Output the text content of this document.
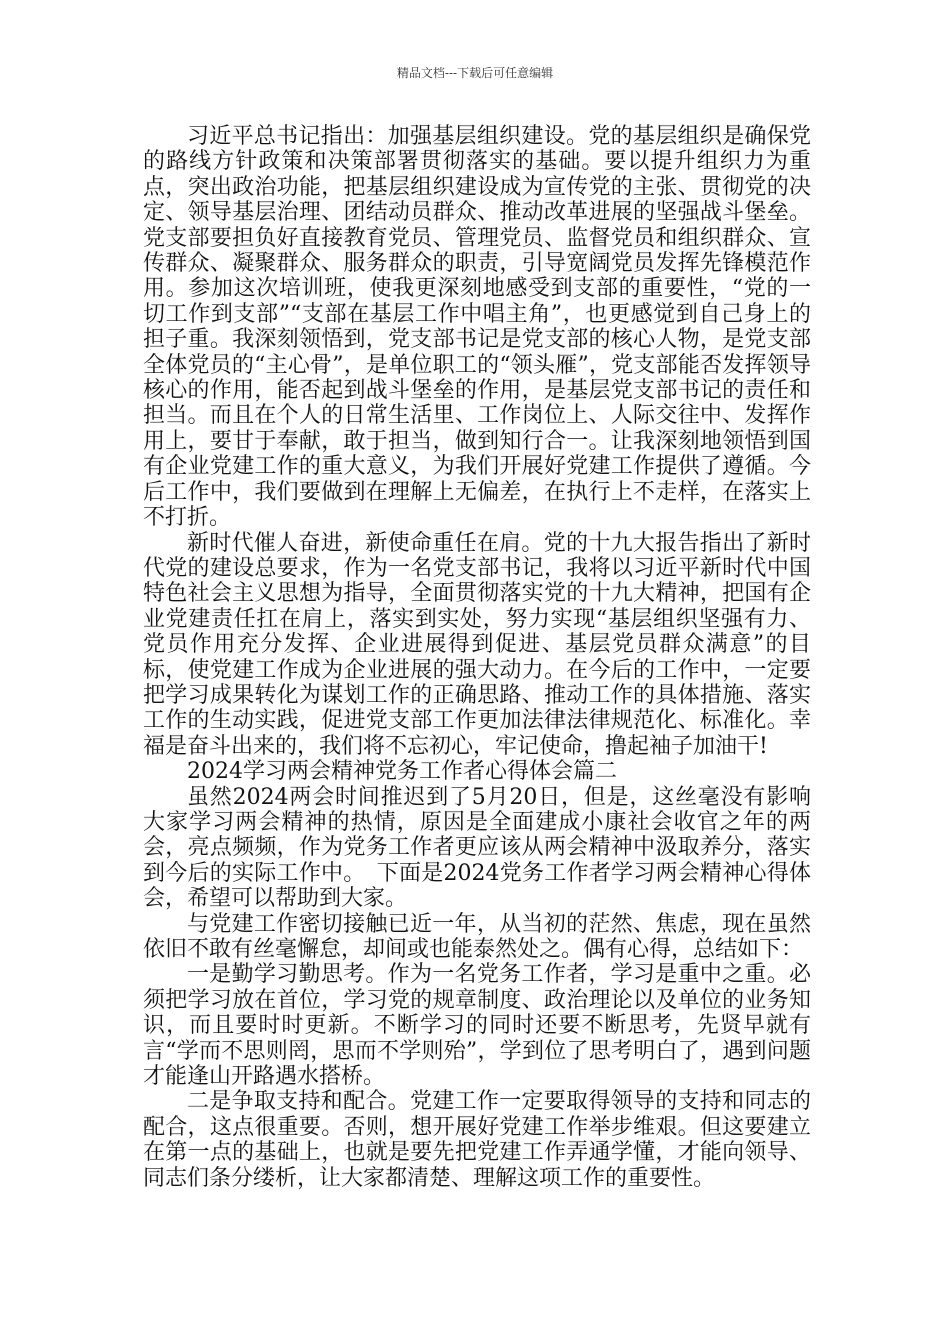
精品文档---下载后可任意编辑

习近平总书记指出：加强基层组织建设。党的基层组织是确保党的路线方针政策和决策部署贯彻落实的基础。要以提升组织力为重点，突出政治功能，把基层组织建设成为宣传党的主张、贯彻党的决定、领导基层治理、团结动员群众、推动改革进展的坚强战斗堡垒。党支部要担负好直接教育党员、管理党员、监督党员和组织群众、宣传群众、凝聚群众、服务群众的职责，引导宽阔党员发挥先锋模范作用。参加这次培训班，使我更深刻地感受到支部的重要性，“党的一切工作到支部”“支部在基层工作中唱主角”，也更感觉到自己身上的担子重。我深刻领悟到，党支部书记是党支部的核心人物，是党支部全体党员的“主心骨”，是单位职工的“领头雁”，党支部能否发挥领导核心的作用，能否起到战斗堡垒的作用，是基层党支部书记的责任和担当。而且在个人的日常生活里、工作岗位上、人际交往中、发挥作用上，要甘于奉献，敢于担当，做到知行合一。让我深刻地领悟到国有企业党建工作的重大意义，为我们开展好党建工作提供了遵循。今后工作中，我们要做到在理解上无偏差，在执行上不走样，在落实上不打折。

新时代催人奋进，新使命重任在肩。党的十九大报告指出了新时代党的建设总要求，作为一名党支部书记，我将以习近平新时代中国特色社会主义思想为指导，全面贯彻落实党的十九大精神，把国有企业党建责任扛在肩上，落实到实处，努力实现“基层组织坚强有力、党员作用充分发挥、企业进展得到促进、基层党员群众满意”的目标，使党建工作成为企业进展的强大动力。在今后的工作中，一定要把学习成果转化为谋划工作的正确思路、推动工作的具体措施、落实工作的生动实践，促进党支部工作更加法律法律规范化、标准化。幸福是奋斗出来的，我们将不忘初心，牢记使命，撸起袖子加油干!

2024学习两会精神党务工作者心得体会篇二

虽然2024两会时间推迟到了5月20日，但是，这丝毫没有影响大家学习两会精神的热情，原因是全面建成小康社会收官之年的两会，亮点频频，作为党务工作者更应该从两会精神中汲取养分，落实到今后的实际工作中。　下面是2024党务工作者学习两会精神心得体会，希望可以帮助到大家。

与党建工作密切接触已近一年，从当初的茫然、焦虑，现在虽然依旧不敢有丝毫懈怠，却间或也能泰然处之。偶有心得，总结如下：

一是勤学习勤思考。作为一名党务工作者，学习是重中之重。必须把学习放在首位，学习党的规章制度、政治理论以及单位的业务知识，而且要时时更新。不断学习的同时还要不断思考，先贤早就有言“学而不思则罔，思而不学则殆”，学到位了思考明白了，遇到问题才能逢山开路遇水搭桥。

二是争取支持和配合。党建工作一定要取得领导的支持和同志的配合，这点很重要。否则，想开展好党建工作举步维艰。但这要建立在第一点的基础上，也就是要先把党建工作弄通学懂，才能向领导、同志们条分缕析，让大家都清楚、理解这项工作的重要性。
